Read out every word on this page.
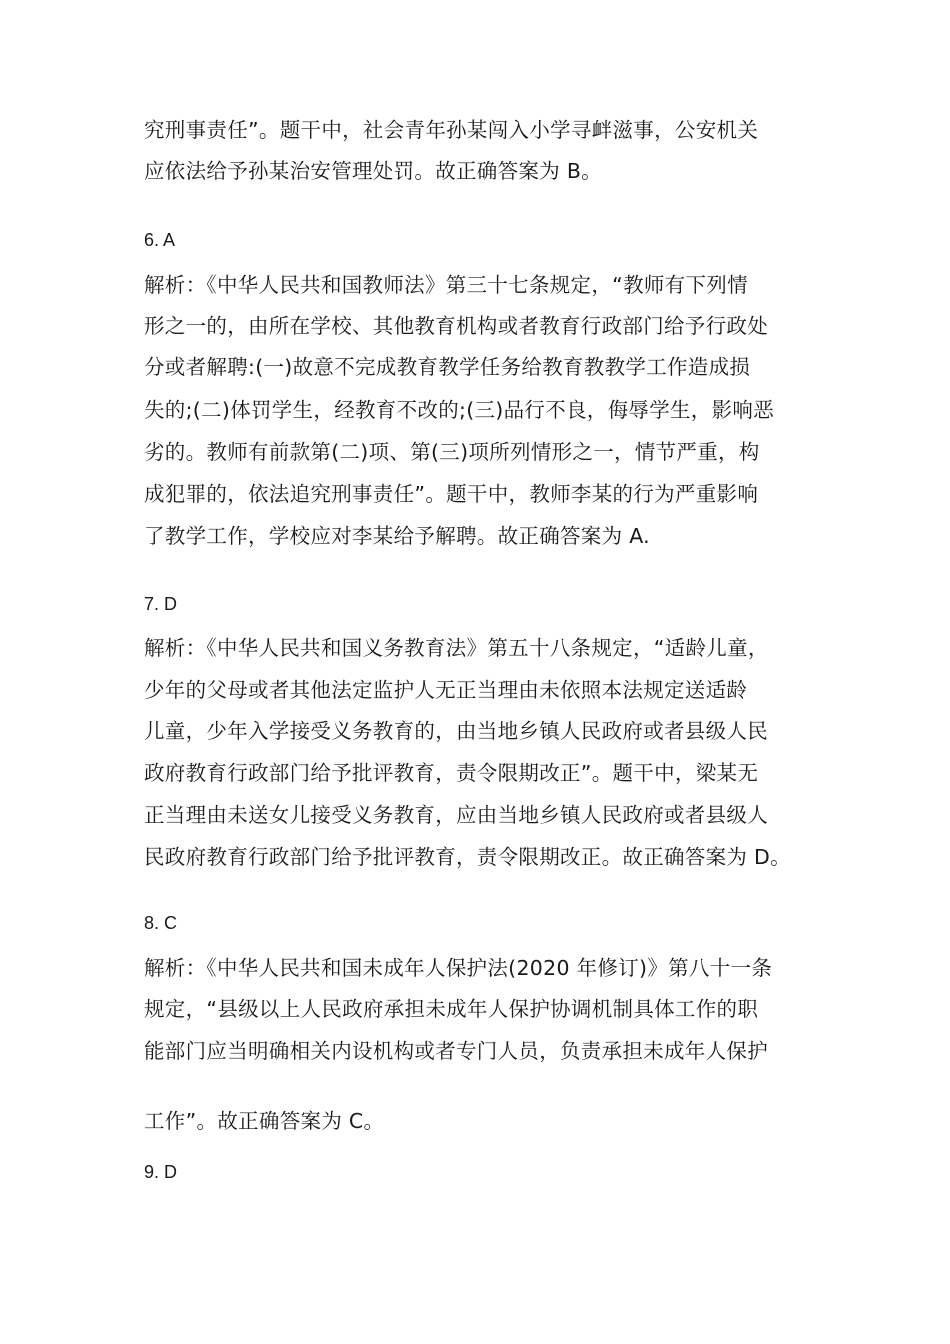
究刑事责任”。题干中，社会青年孙某闯入小学寻衅滋事，公安机关
应依法给予孙某治安管理处罚。故正确答案为 B。
6. A
解析：《中华人民共和国教师法》第三十七条规定，“教师有下列情
形之一的，由所在学校、其他教育机构或者教育行政部门给予行政处
分或者解聘:(一)故意不完成教育教学任务给教育教教学工作造成损
失的;(二)体罚学生，经教育不改的;(三)品行不良，侮辱学生，影响恶
劣的。教师有前款第(二)项、第(三)项所列情形之一，情节严重，构
成犯罪的，依法追究刑事责任”。题干中，教师李某的行为严重影响
了教学工作，学校应对李某给予解聘。故正确答案为 A.
7. D
解析：《中华人民共和国义务教育法》第五十八条规定，“适龄儿童，
少年的父母或者其他法定监护人无正当理由未依照本法规定送适龄
儿童，少年入学接受义务教育的，由当地乡镇人民政府或者县级人民
政府教育行政部门给予批评教育，责令限期改正”。题干中，梁某无
正当理由未送女儿接受义务教育，应由当地乡镇人民政府或者县级人
民政府教育行政部门给予批评教育，责令限期改正。故正确答案为 D。
8. C
解析：《中华人民共和国未成年人保护法(2020 年修订)》第八十一条
规定，“县级以上人民政府承担未成年人保护协调机制具体工作的职
能部门应当明确相关内设机构或者专门人员，负责承担未成年人保护
工作”。故正确答案为 C。
9. D
